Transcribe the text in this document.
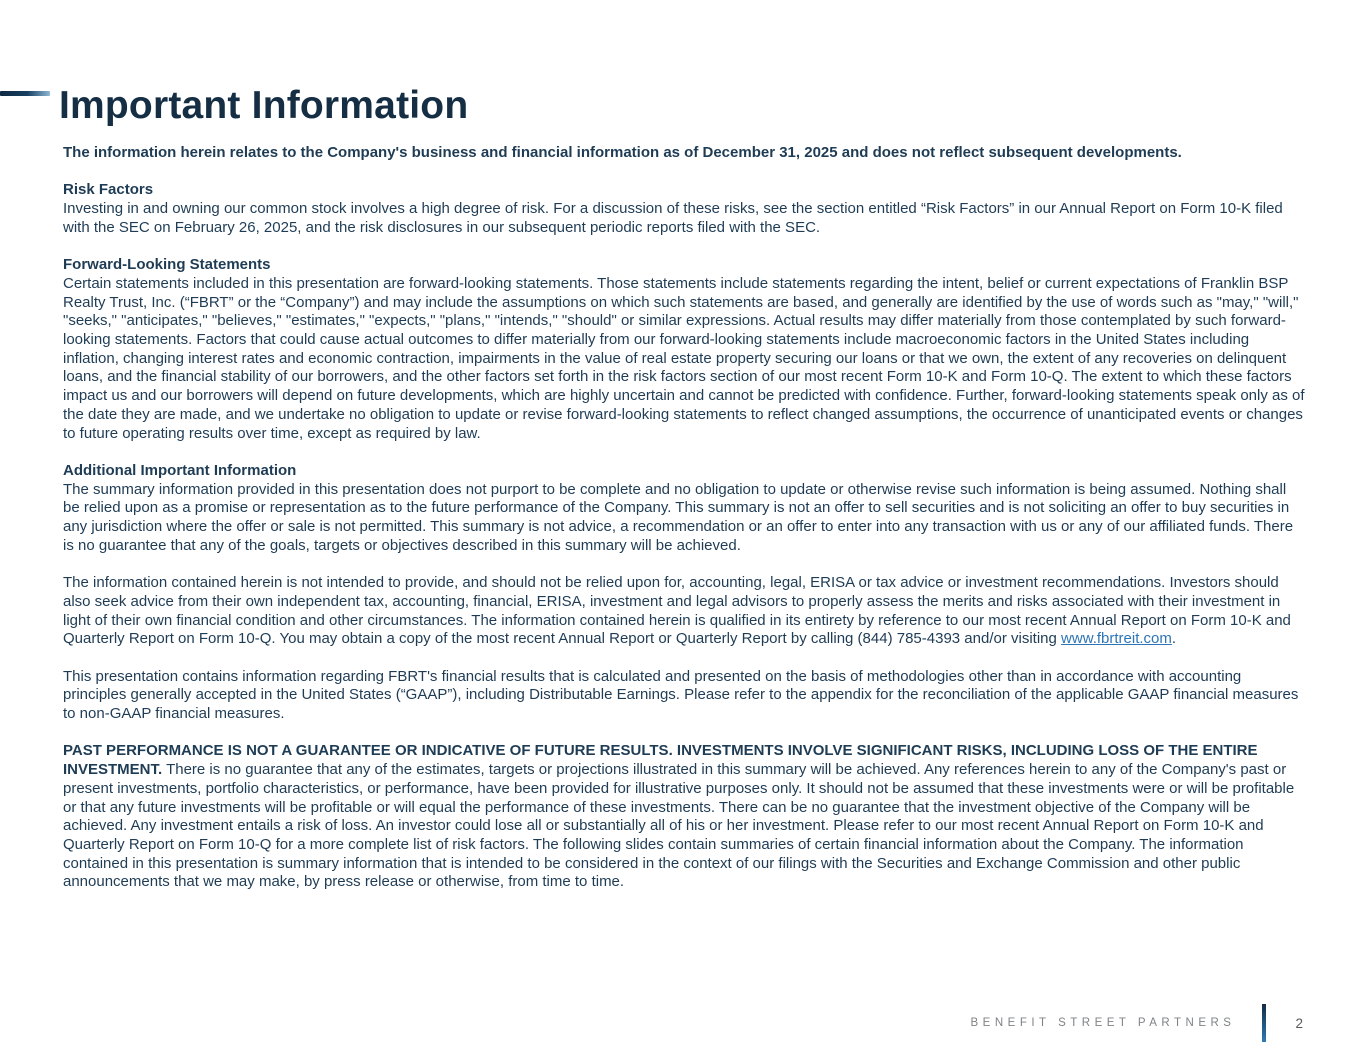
Important Information

The information herein relates to the Company's business and financial information as of December 31, 2025 and does not reflect subsequent developments.

Risk Factors

Investing in and owning our common stock involves a high degree of risk. For a discussion of these risks, see the section entitled “Risk Factors” in our Annual Report on Form 10-K filed with the SEC on February 26, 2025, and the risk disclosures in our subsequent periodic reports filed with the SEC.

Forward-Looking Statements

Certain statements included in this presentation are forward-looking statements. Those statements include statements regarding the intent, belief or current expectations of Franklin BSP Realty Trust, Inc. (“FBRT” or the “Company”) and may include the assumptions on which such statements are based, and generally are identified by the use of words such as "may," "will," "seeks," "anticipates," "believes," "estimates," "expects," "plans," "intends," "should" or similar expressions. Actual results may differ materially from those contemplated by such forward-looking statements. Factors that could cause actual outcomes to differ materially from our forward-looking statements include macroeconomic factors in the United States including inflation, changing interest rates and economic contraction, impairments in the value of real estate property securing our loans or that we own, the extent of any recoveries on delinquent loans, and the financial stability of our borrowers, and the other factors set forth in the risk factors section of our most recent Form 10-K and Form 10-Q. The extent to which these factors impact us and our borrowers will depend on future developments, which are highly uncertain and cannot be predicted with confidence. Further, forward-looking statements speak only as of the date they are made, and we undertake no obligation to update or revise forward-looking statements to reflect changed assumptions, the occurrence of unanticipated events or changes to future operating results over time, except as required by law.

Additional Important Information

The summary information provided in this presentation does not purport to be complete and no obligation to update or otherwise revise such information is being assumed. Nothing shall be relied upon as a promise or representation as to the future performance of the Company. This summary is not an offer to sell securities and is not soliciting an offer to buy securities in any jurisdiction where the offer or sale is not permitted. This summary is not advice, a recommendation or an offer to enter into any transaction with us or any of our affiliated funds. There is no guarantee that any of the goals, targets or objectives described in this summary will be achieved.

The information contained herein is not intended to provide, and should not be relied upon for, accounting, legal, ERISA or tax advice or investment recommendations. Investors should also seek advice from their own independent tax, accounting, financial, ERISA, investment and legal advisors to properly assess the merits and risks associated with their investment in light of their own financial condition and other circumstances. The information contained herein is qualified in its entirety by reference to our most recent Annual Report on Form 10-K and Quarterly Report on Form 10-Q. You may obtain a copy of the most recent Annual Report or Quarterly Report by calling (844) 785-4393 and/or visiting www.fbrtreit.com.

This presentation contains information regarding FBRT's financial results that is calculated and presented on the basis of methodologies other than in accordance with accounting principles generally accepted in the United States (“GAAP”), including Distributable Earnings. Please refer to the appendix for the reconciliation of the applicable GAAP financial measures to non-GAAP financial measures.

PAST PERFORMANCE IS NOT A GUARANTEE OR INDICATIVE OF FUTURE RESULTS. INVESTMENTS INVOLVE SIGNIFICANT RISKS, INCLUDING LOSS OF THE ENTIRE INVESTMENT. There is no guarantee that any of the estimates, targets or projections illustrated in this summary will be achieved. Any references herein to any of the Company's past or present investments, portfolio characteristics, or performance, have been provided for illustrative purposes only. It should not be assumed that these investments were or will be profitable or that any future investments will be profitable or will equal the performance of these investments. There can be no guarantee that the investment objective of the Company will be achieved. Any investment entails a risk of loss. An investor could lose all or substantially all of his or her investment. Please refer to our most recent Annual Report on Form 10-K and Quarterly Report on Form 10-Q for a more complete list of risk factors. The following slides contain summaries of certain financial information about the Company. The information contained in this presentation is summary information that is intended to be considered in the context of our filings with the Securities and Exchange Commission and other public announcements that we may make, by press release or otherwise, from time to time.

BENEFIT STREET PARTNERS	2
